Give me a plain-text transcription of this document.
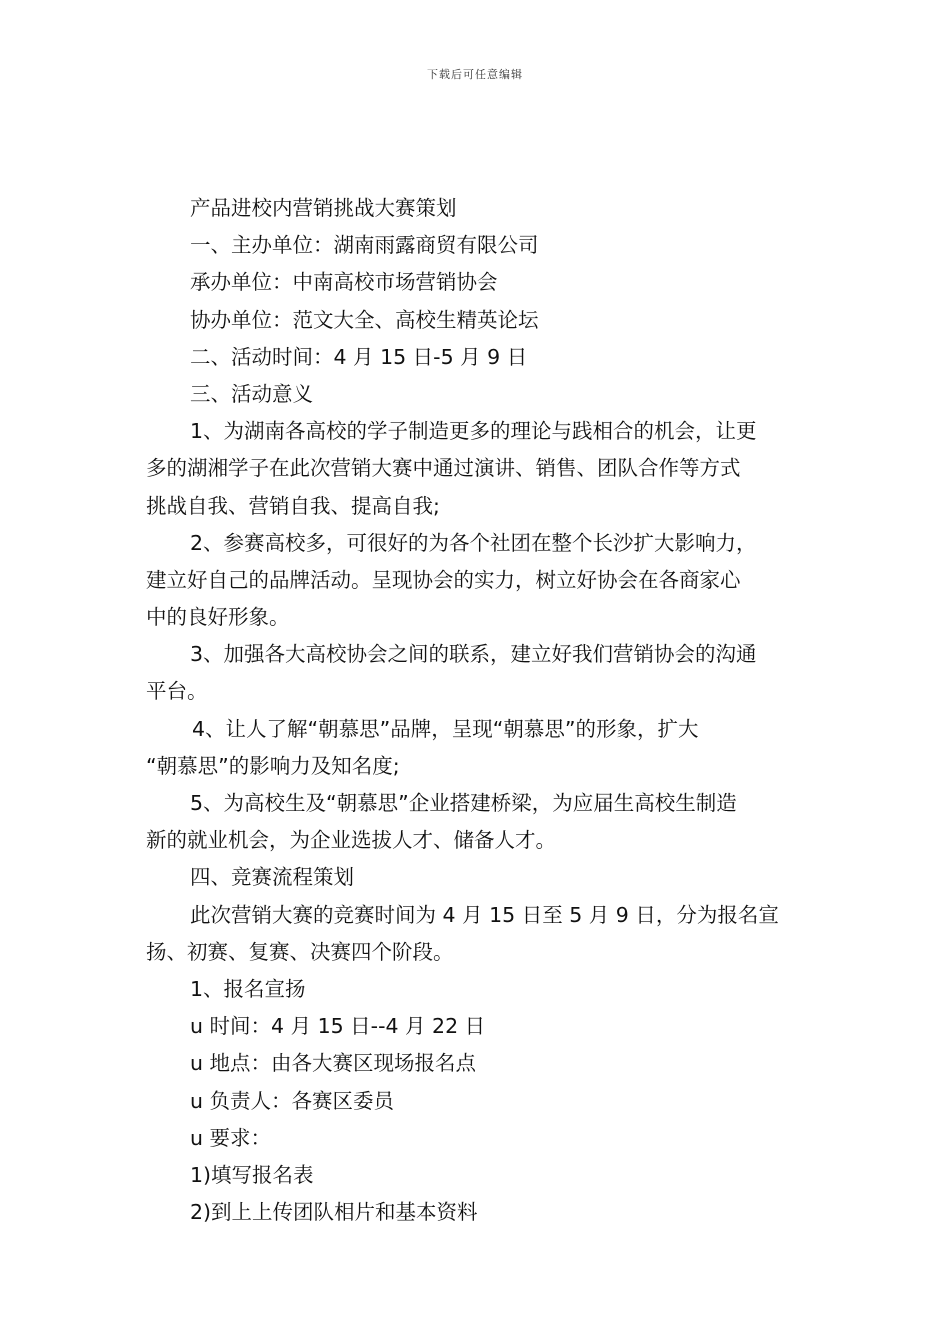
下载后可任意编辑
产品进校内营销挑战大赛策划
一、主办单位：湖南雨露商贸有限公司
承办单位：中南高校市场营销协会
协办单位：范文大全、高校生精英论坛
二、活动时间：4 月 15 日-5 月 9 日
三、活动意义
1、为湖南各高校的学子制造更多的理论与践相合的机会，让更
多的湖湘学子在此次营销大赛中通过演讲、销售、团队合作等方式
挑战自我、营销自我、提高自我;
2、参赛高校多，可很好的为各个社团在整个长沙扩大影响力，
建立好自己的品牌活动。呈现协会的实力，树立好协会在各商家心
中的良好形象。
3、加强各大高校协会之间的联系，建立好我们营销协会的沟通
平台。
4、让人了解“朝慕思”品牌，呈现“朝慕思”的形象，扩大
“朝慕思”的影响力及知名度;
5、为高校生及“朝慕思”企业搭建桥梁，为应届生高校生制造
新的就业机会，为企业选拔人才、储备人才。
四、竞赛流程策划
此次营销大赛的竞赛时间为 4 月 15 日至 5 月 9 日，分为报名宣
扬、初赛、复赛、决赛四个阶段。
1、报名宣扬
u 时间：4 月 15 日--4 月 22 日
u 地点：由各大赛区现场报名点
u 负责人：各赛区委员
u 要求：
1)填写报名表
2)到上上传团队相片和基本资料
